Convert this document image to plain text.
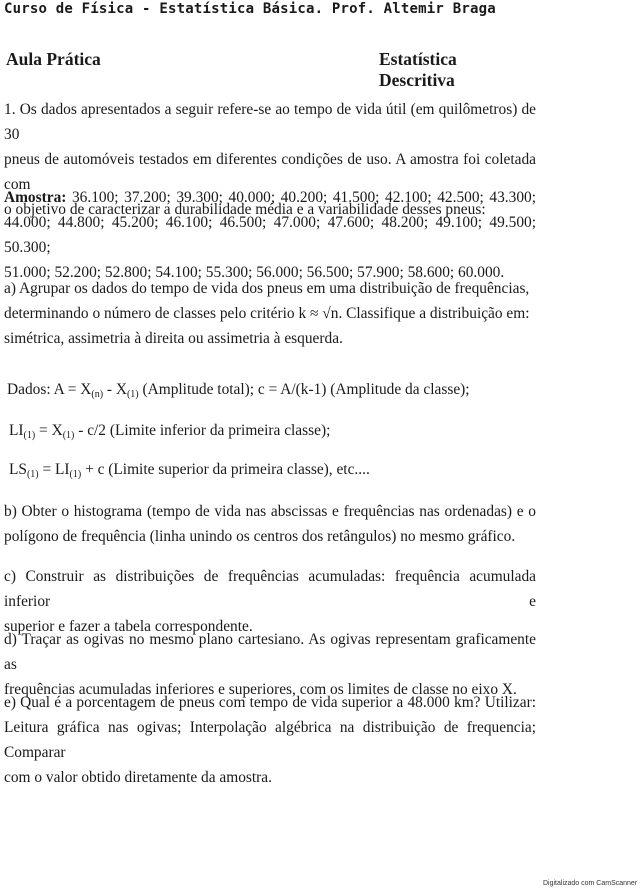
Curso de Física - Estatística Básica. Prof. Altemir Braga
Aula Prática	Estatística Descritiva
1. Os dados apresentados a seguir refere-se ao tempo de vida útil (em quilômetros) de 30
pneus de automóveis testados em diferentes condições de uso. A amostra foi coletada com
o objetivo de caracterizar a durabilidade média e a variabilidade desses pneus:
Amostra: 36.100; 37.200; 39.300; 40.000; 40.200; 41.500; 42.100; 42.500; 43.300;
44.000; 44.800; 45.200; 46.100; 46.500; 47.000; 47.600; 48.200; 49.100; 49.500; 50.300;
51.000; 52.200; 52.800; 54.100; 55.300; 56.000; 56.500; 57.900; 58.600; 60.000.
a) Agrupar os dados do tempo de vida dos pneus em uma distribuição de frequências,
determinando o número de classes pelo critério k ≈ √n. Classifique a distribuição em:
simétrica, assimetria à direita ou assimetria à esquerda.
Dados: $A = X_{(n)} - X_{(1)}$ (Amplitude total); c = A/(k-1) (Amplitude da classe);
$LI_{(1)} = X_{(1)} - c/2$ (Limite inferior da primeira classe);
$LS_{(1)} = LI_{(1)} + c$ (Limite superior da primeira classe), etc....
b) Obter o histograma (tempo de vida nas abscissas e frequências nas ordenadas) e o
polígono de frequência (linha unindo os centros dos retângulos) no mesmo gráfico.
c) Construir as distribuições de frequências acumuladas: frequência acumulada inferior e
superior e fazer a tabela correspondente.
d) Traçar as ogivas no mesmo plano cartesiano. As ogivas representam graficamente as
frequências acumuladas inferiores e superiores, com os limites de classe no eixo X.
e) Qual é a porcentagem de pneus com tempo de vida superior a 48.000 km? Utilizar:
Leitura gráfica nas ogivas; Interpolação algébrica na distribuição de frequencia; Comparar
com o valor obtido diretamente da amostra.
Digitalizado com CamScanner
